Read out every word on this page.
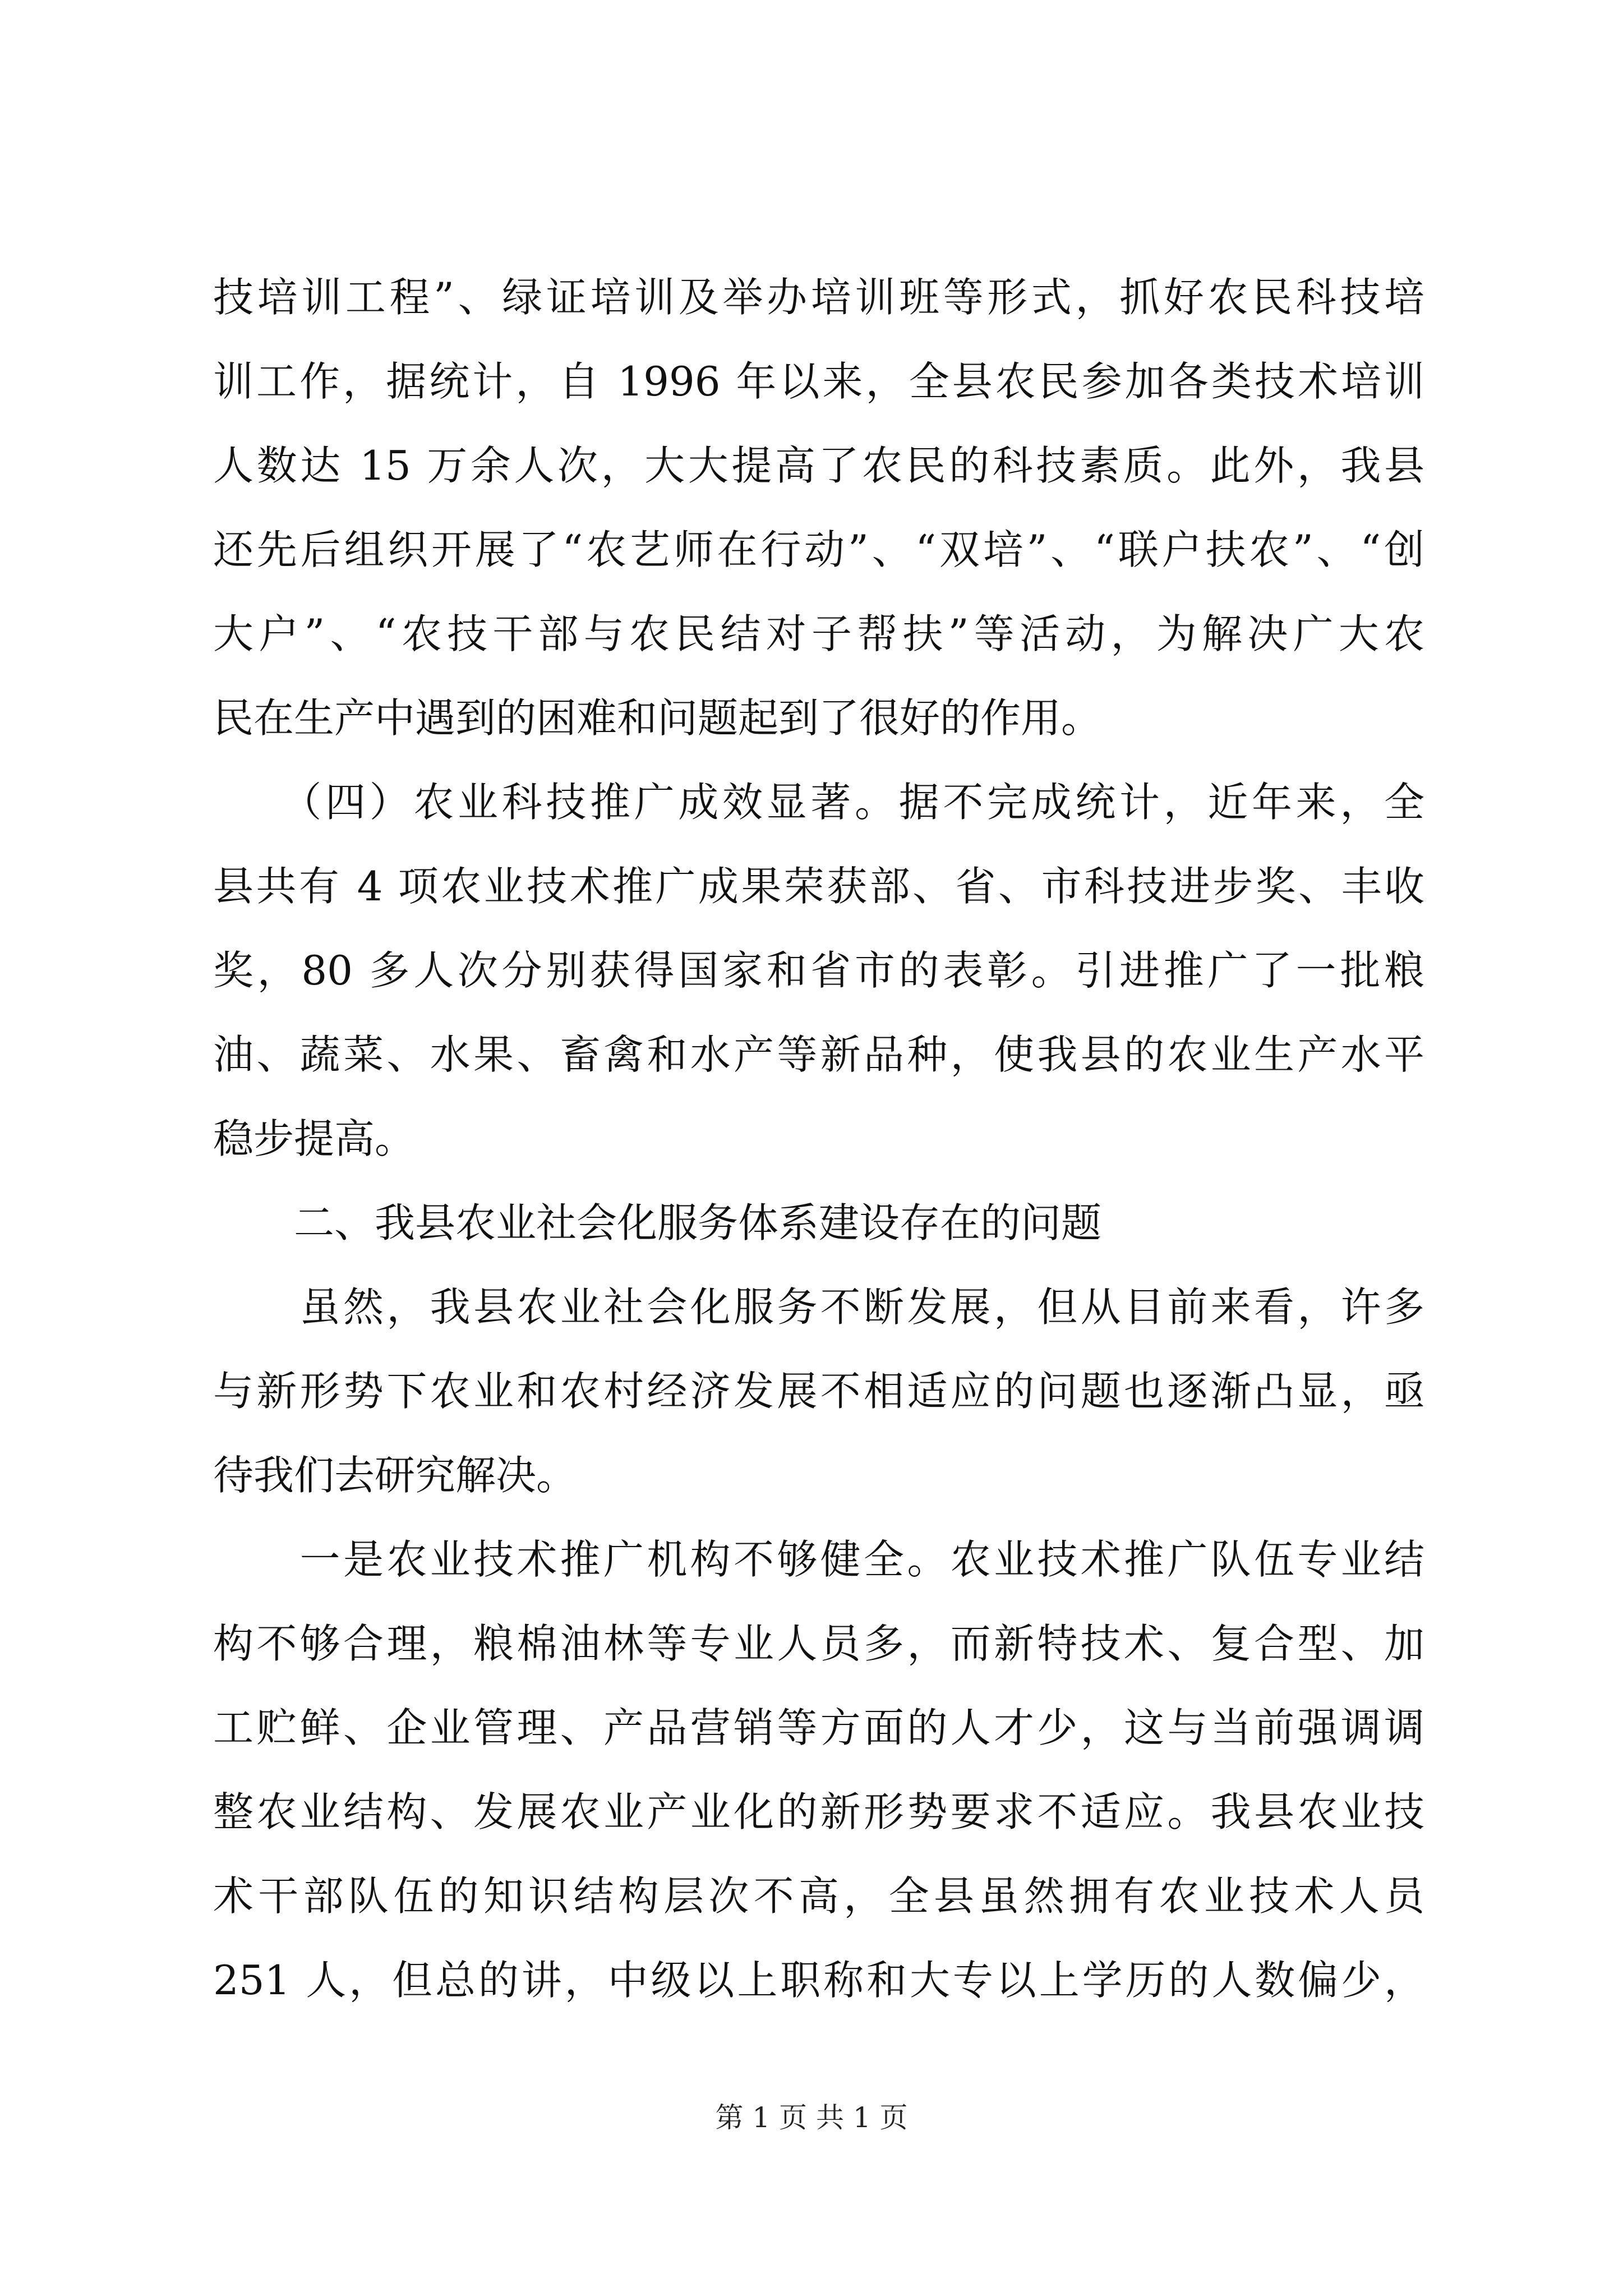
技培训工程”、绿证培训及举办培训班等形式，抓好农民科技培
训工作，据统计，自 1996 年以来，全县农民参加各类技术培训
人数达 15 万余人次，大大提高了农民的科技素质。此外，我县
还先后组织开展了“农艺师在行动”、“双培”、“联户扶农”、“创
大户”、“农技干部与农民结对子帮扶”等活动，为解决广大农
民在生产中遇到的困难和问题起到了很好的作用。
　　（四）农业科技推广成效显著。据不完成统计，近年来，全
县共有 4 项农业技术推广成果荣获部、省、市科技进步奖、丰收
奖，80 多人次分别获得国家和省市的表彰。引进推广了一批粮
油、蔬菜、水果、畜禽和水产等新品种，使我县的农业生产水平
稳步提高。
　　二、我县农业社会化服务体系建设存在的问题
　　虽然，我县农业社会化服务不断发展，但从目前来看，许多
与新形势下农业和农村经济发展不相适应的问题也逐渐凸显，亟
待我们去研究解决。
　　一是农业技术推广机构不够健全。农业技术推广队伍专业结
构不够合理，粮棉油林等专业人员多，而新特技术、复合型、加
工贮鲜、企业管理、产品营销等方面的人才少，这与当前强调调
整农业结构、发展农业产业化的新形势要求不适应。我县农业技
术干部队伍的知识结构层次不高，全县虽然拥有农业技术人员
251 人，但总的讲，中级以上职称和大专以上学历的人数偏少，
第 1 页 共 1 页
